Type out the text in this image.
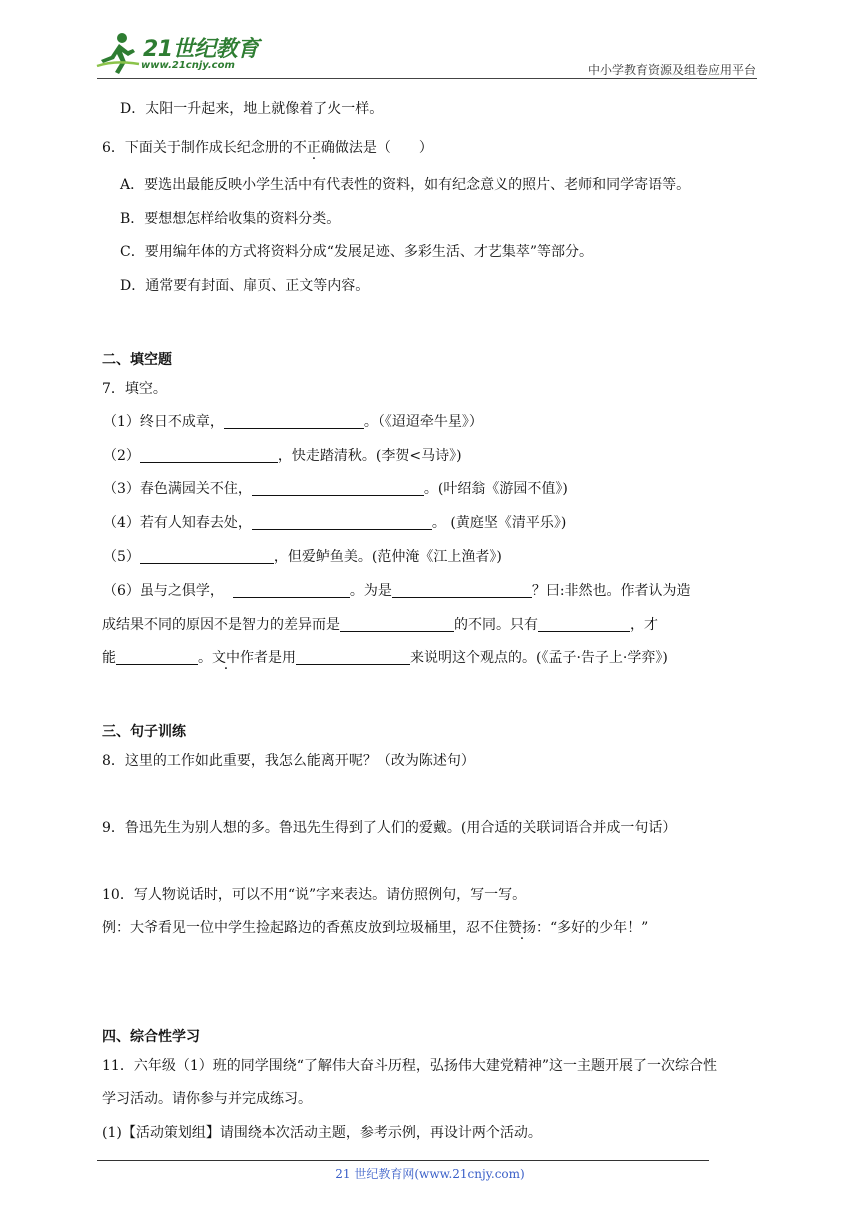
21世纪教育
www.21cnjy.com	中小学教育资源及组卷应用平台
D．太阳一升起来，地上就像着了火一样。
6．下面关于制作成长纪念册的不正确做法是（　　）
A．要选出最能反映小学生活中有代表性的资料，如有纪念意义的照片、老师和同学寄语等。
B．要想想怎样给收集的资料分类。
C．要用编年体的方式将资料分成“发展足迹、多彩生活、才艺集萃”等部分。
D．通常要有封面、扉页、正文等内容。
二、填空题
7．填空。
（1）终日不成章，	。（《迢迢牵牛星》）
（2）	，快走踏清秋。(李贺<马诗》)
（3）春色满园关不住，	。(叶绍翁《游园不值》)
（4）若有人知春去处，	。 (黄庭坚《清平乐》)
（5）	，但爱鲈鱼美。(范仲淹《江上渔者》)
（6）虽与之俱学，	。为是	？曰:非然也。作者认为造
成结果不同的原因不是智力的差异而是	的不同。只有	，才
能	。文中作者是用	来说明这个观点的。(《孟子·告子上·学弈》)
三、句子训练
8．这里的工作如此重要，我怎么能离开呢？（改为陈述句）
9．鲁迅先生为别人想的多。鲁迅先生得到了人们的爱戴。(用合适的关联词语合并成一句话）
10．写人物说话时，可以不用“说”字来表达。请仿照例句，写一写。
例：大爷看见一位中学生捡起路边的香蕉皮放到垃圾桶里，忍不住赞扬：“多好的少年！”
四、综合性学习
11．六年级（1）班的同学围绕“了解伟大奋斗历程，弘扬伟大建党精神”这一主题开展了一次综合性
学习活动。请你参与并完成练习。
(1)【活动策划组】请围绕本次活动主题，参考示例，再设计两个活动。
21 世纪教育网(www.21cnjy.com)
